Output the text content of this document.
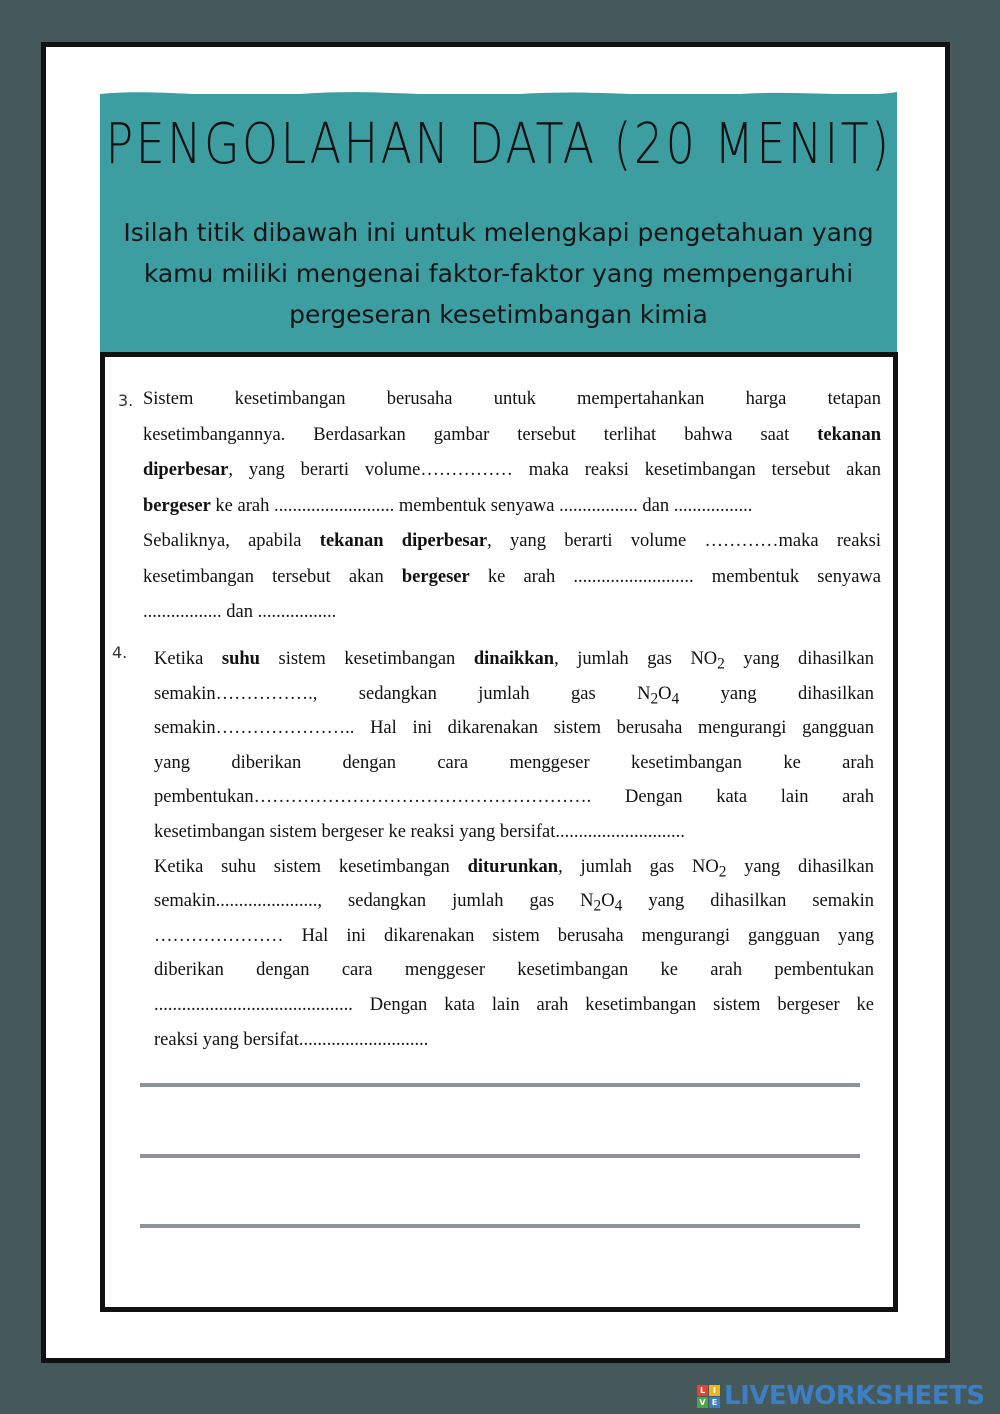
PENGOLAHAN DATA (20 MENIT)
Isilah titik dibawah ini untuk melengkapi pengetahuan yang
kamu miliki mengenai faktor-faktor yang mempengaruhi
pergeseran kesetimbangan kimia
3. Sistem kesetimbangan berusaha untuk mempertahankan harga tetapan
kesetimbangannya. Berdasarkan gambar tersebut terlihat bahwa saat tekanan
diperbesar, yang berarti volume…………… maka reaksi kesetimbangan tersebut akan
bergeser ke arah .......................... membentuk senyawa ................. dan .................
Sebaliknya, apabila tekanan diperbesar, yang berarti volume …………maka reaksi
kesetimbangan tersebut akan bergeser ke arah .......................... membentuk senyawa
................. dan .................
4. Ketika suhu sistem kesetimbangan dinaikkan, jumlah gas $NO_2$ yang dihasilkan
semakin……………., sedangkan jumlah gas $N_2O_4$ yang dihasilkan
semakin………………….. Hal ini dikarenakan sistem berusaha mengurangi gangguan
yang diberikan dengan cara menggeser kesetimbangan ke arah
pembentukan………………………………………………. Dengan kata lain arah
kesetimbangan sistem bergeser ke reaksi yang bersifat............................
Ketika suhu sistem kesetimbangan diturunkan, jumlah gas $NO_2$ yang dihasilkan
semakin......................, sedangkan jumlah gas $N_2O_4$ yang dihasilkan semakin
………………… Hal ini dikarenakan sistem berusaha mengurangi gangguan yang
diberikan dengan cara menggeser kesetimbangan ke arah pembentukan
........................................... Dengan kata lain arah kesetimbangan sistem bergeser ke
reaksi yang bersifat............................
L I
V E LIVEWORKSHEETS
